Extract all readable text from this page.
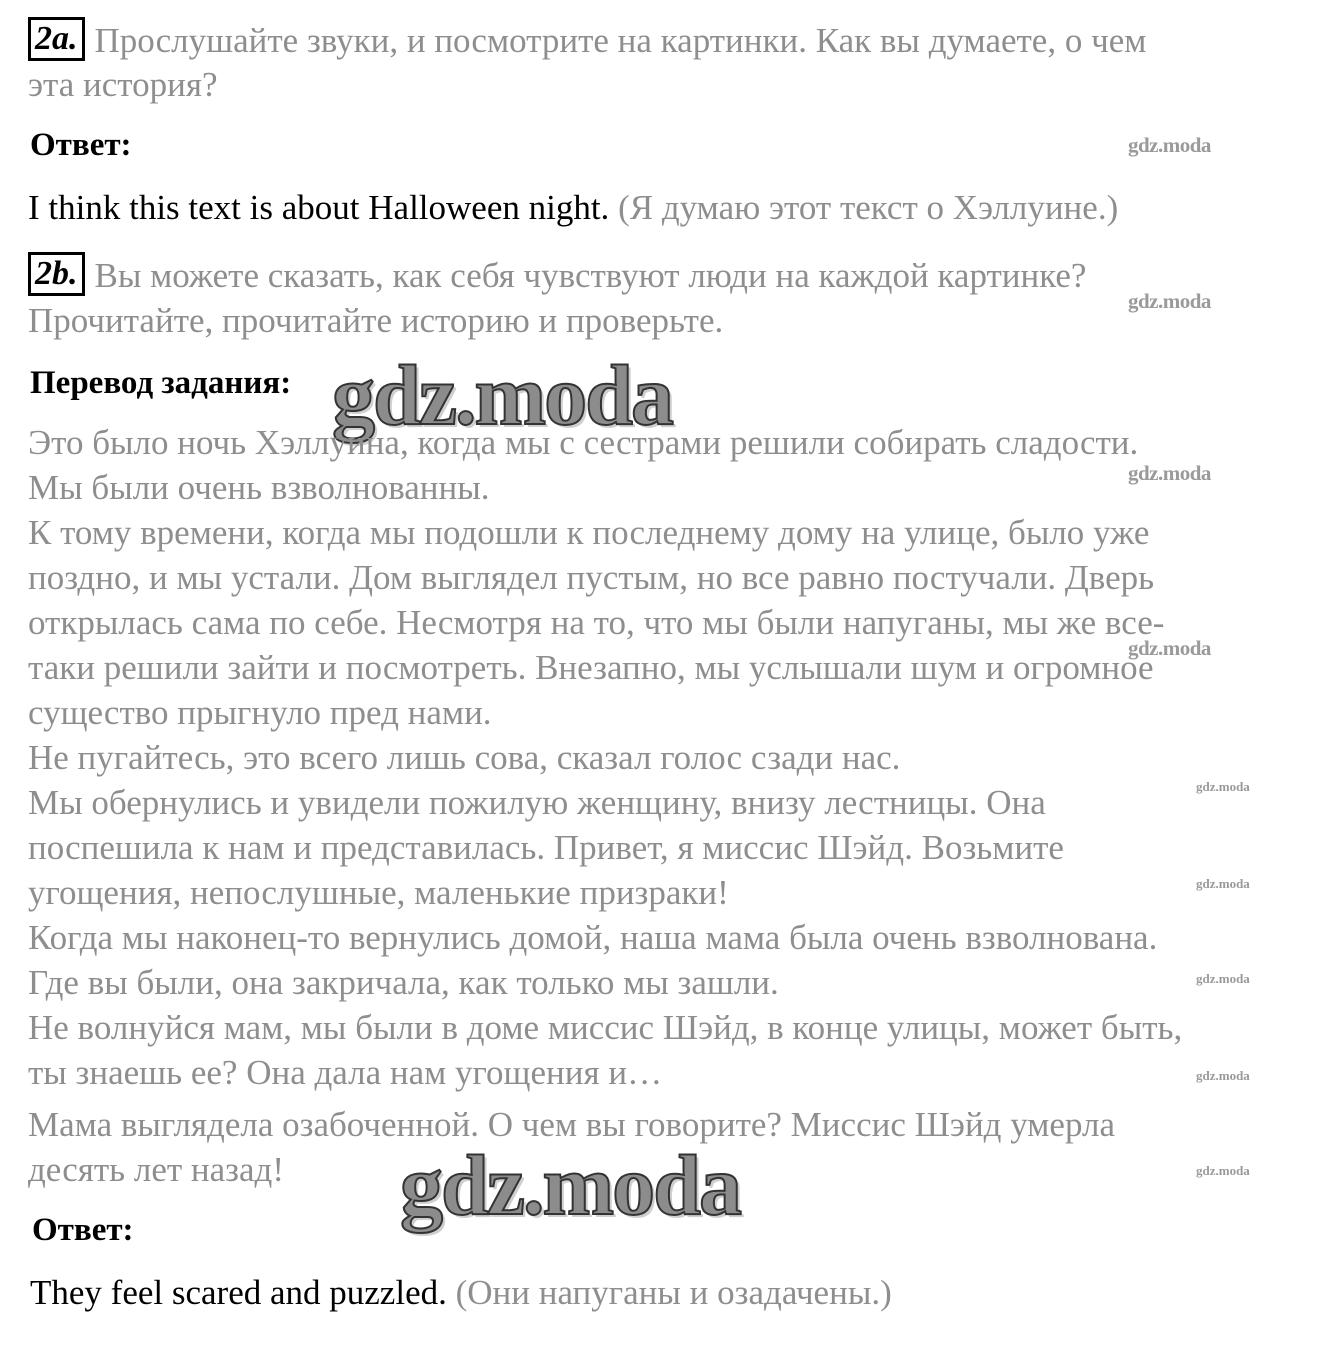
2a. Прослушайте звуки, и посмотрите на картинки. Как вы думаете, о чем
эта история?
Ответ:	gdz.moda
I think this text is about Halloween night. (Я думаю этот текст о Хэллуине.)
2b. Вы можете сказать, как себя чувствуют люди на каждой картинке?
gdz.moda
Прочитайте, прочитайте историю и проверьте.
Перевод задания: gdz.moda
Это было ночь Хэллуина, когда мы с сестрами решили собирать сладости.
Мы были очень взволнованны.
К тому времени, когда мы подошли к последнему дому на улице, было уже
поздно, и мы устали. Дом выглядел пустым, но все равно постучали. Дверь
открылась сама по себе. Несмотря на то, что мы были напуганы, мы же все-
таки решили зайти и посмотреть. Внезапно, мы услышали шум и огромное
существо прыгнуло пред нами.
Не пугайтесь, это всего лишь сова, сказал голос сзади нас.
Мы обернулись и увидели пожилую женщину, внизу лестницы. Она
поспешила к нам и представилась. Привет, я миссис Шэйд. Возьмите
угощения, непослушные, маленькие призраки!
Когда мы наконец-то вернулись домой, наша мама была очень взволнована.
Где вы были, она закричала, как только мы зашли.
Не волнуйся мам, мы были в доме миссис Шэйд, в конце улицы, может быть,
ты знаешь ее? Она дала нам угощения и…
gdz.moda
gdz.moda
gdz.moda
gdz.moda
gdz.moda
gdz.moda
gdz.moda
Мама выглядела озабоченной. О чем вы говорите? Миссис Шэйд умерла
десять лет назад!	gdz.moda
Ответ:
They feel scared and puzzled. (Они напуганы и озадачены.)
